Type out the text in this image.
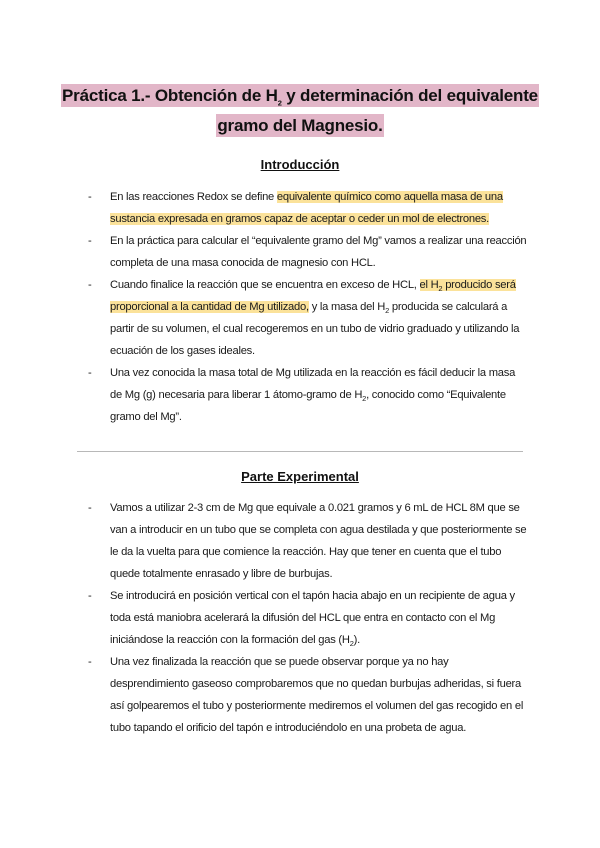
Práctica 1.- Obtención de $H_2$ y determinación del equivalente
gramo del Magnesio.
Introducción
- En las reacciones Redox se define equivalente químico como aquella masa de una sustancia expresada en gramos capaz de aceptar o ceder un mol de electrones.
- En la práctica para calcular el “equivalente gramo del Mg” vamos a realizar una reacción completa de una masa conocida de magnesio con HCL.
- Cuando finalice la reacción que se encuentra en exceso de HCL, el $H_2$ producido será proporcional a la cantidad de Mg utilizado, y la masa del $H_2$ producida se calculará a partir de su volumen, el cual recogeremos en un tubo de vidrio graduado y utilizando la ecuación de los gases ideales.
- Una vez conocida la masa total de Mg utilizada en la reacción es fácil deducir la masa de Mg (g) necesaria para liberar 1 átomo-gramo de $H_2$, conocido como “Equivalente gramo del Mg”.
Parte Experimental
- Vamos a utilizar 2-3 cm de Mg que equivale a 0.021 gramos y 6 mL de HCL 8M que se van a introducir en un tubo que se completa con agua destilada y que posteriormente se le da la vuelta para que comience la reacción. Hay que tener en cuenta que el tubo quede totalmente enrasado y libre de burbujas.
- Se introducirá en posición vertical con el tapón hacia abajo en un recipiente de agua y toda está maniobra acelerará la difusión del HCL que entra en contacto con el Mg iniciándose la reacción con la formación del gas $(H_2)$.
- Una vez finalizada la reacción que se puede observar porque ya no hay desprendimiento gaseoso comprobaremos que no quedan burbujas adheridas, si fuera así golpearemos el tubo y posteriormente mediremos el volumen del gas recogido en el tubo tapando el orificio del tapón e introduciéndolo en una probeta de agua.
